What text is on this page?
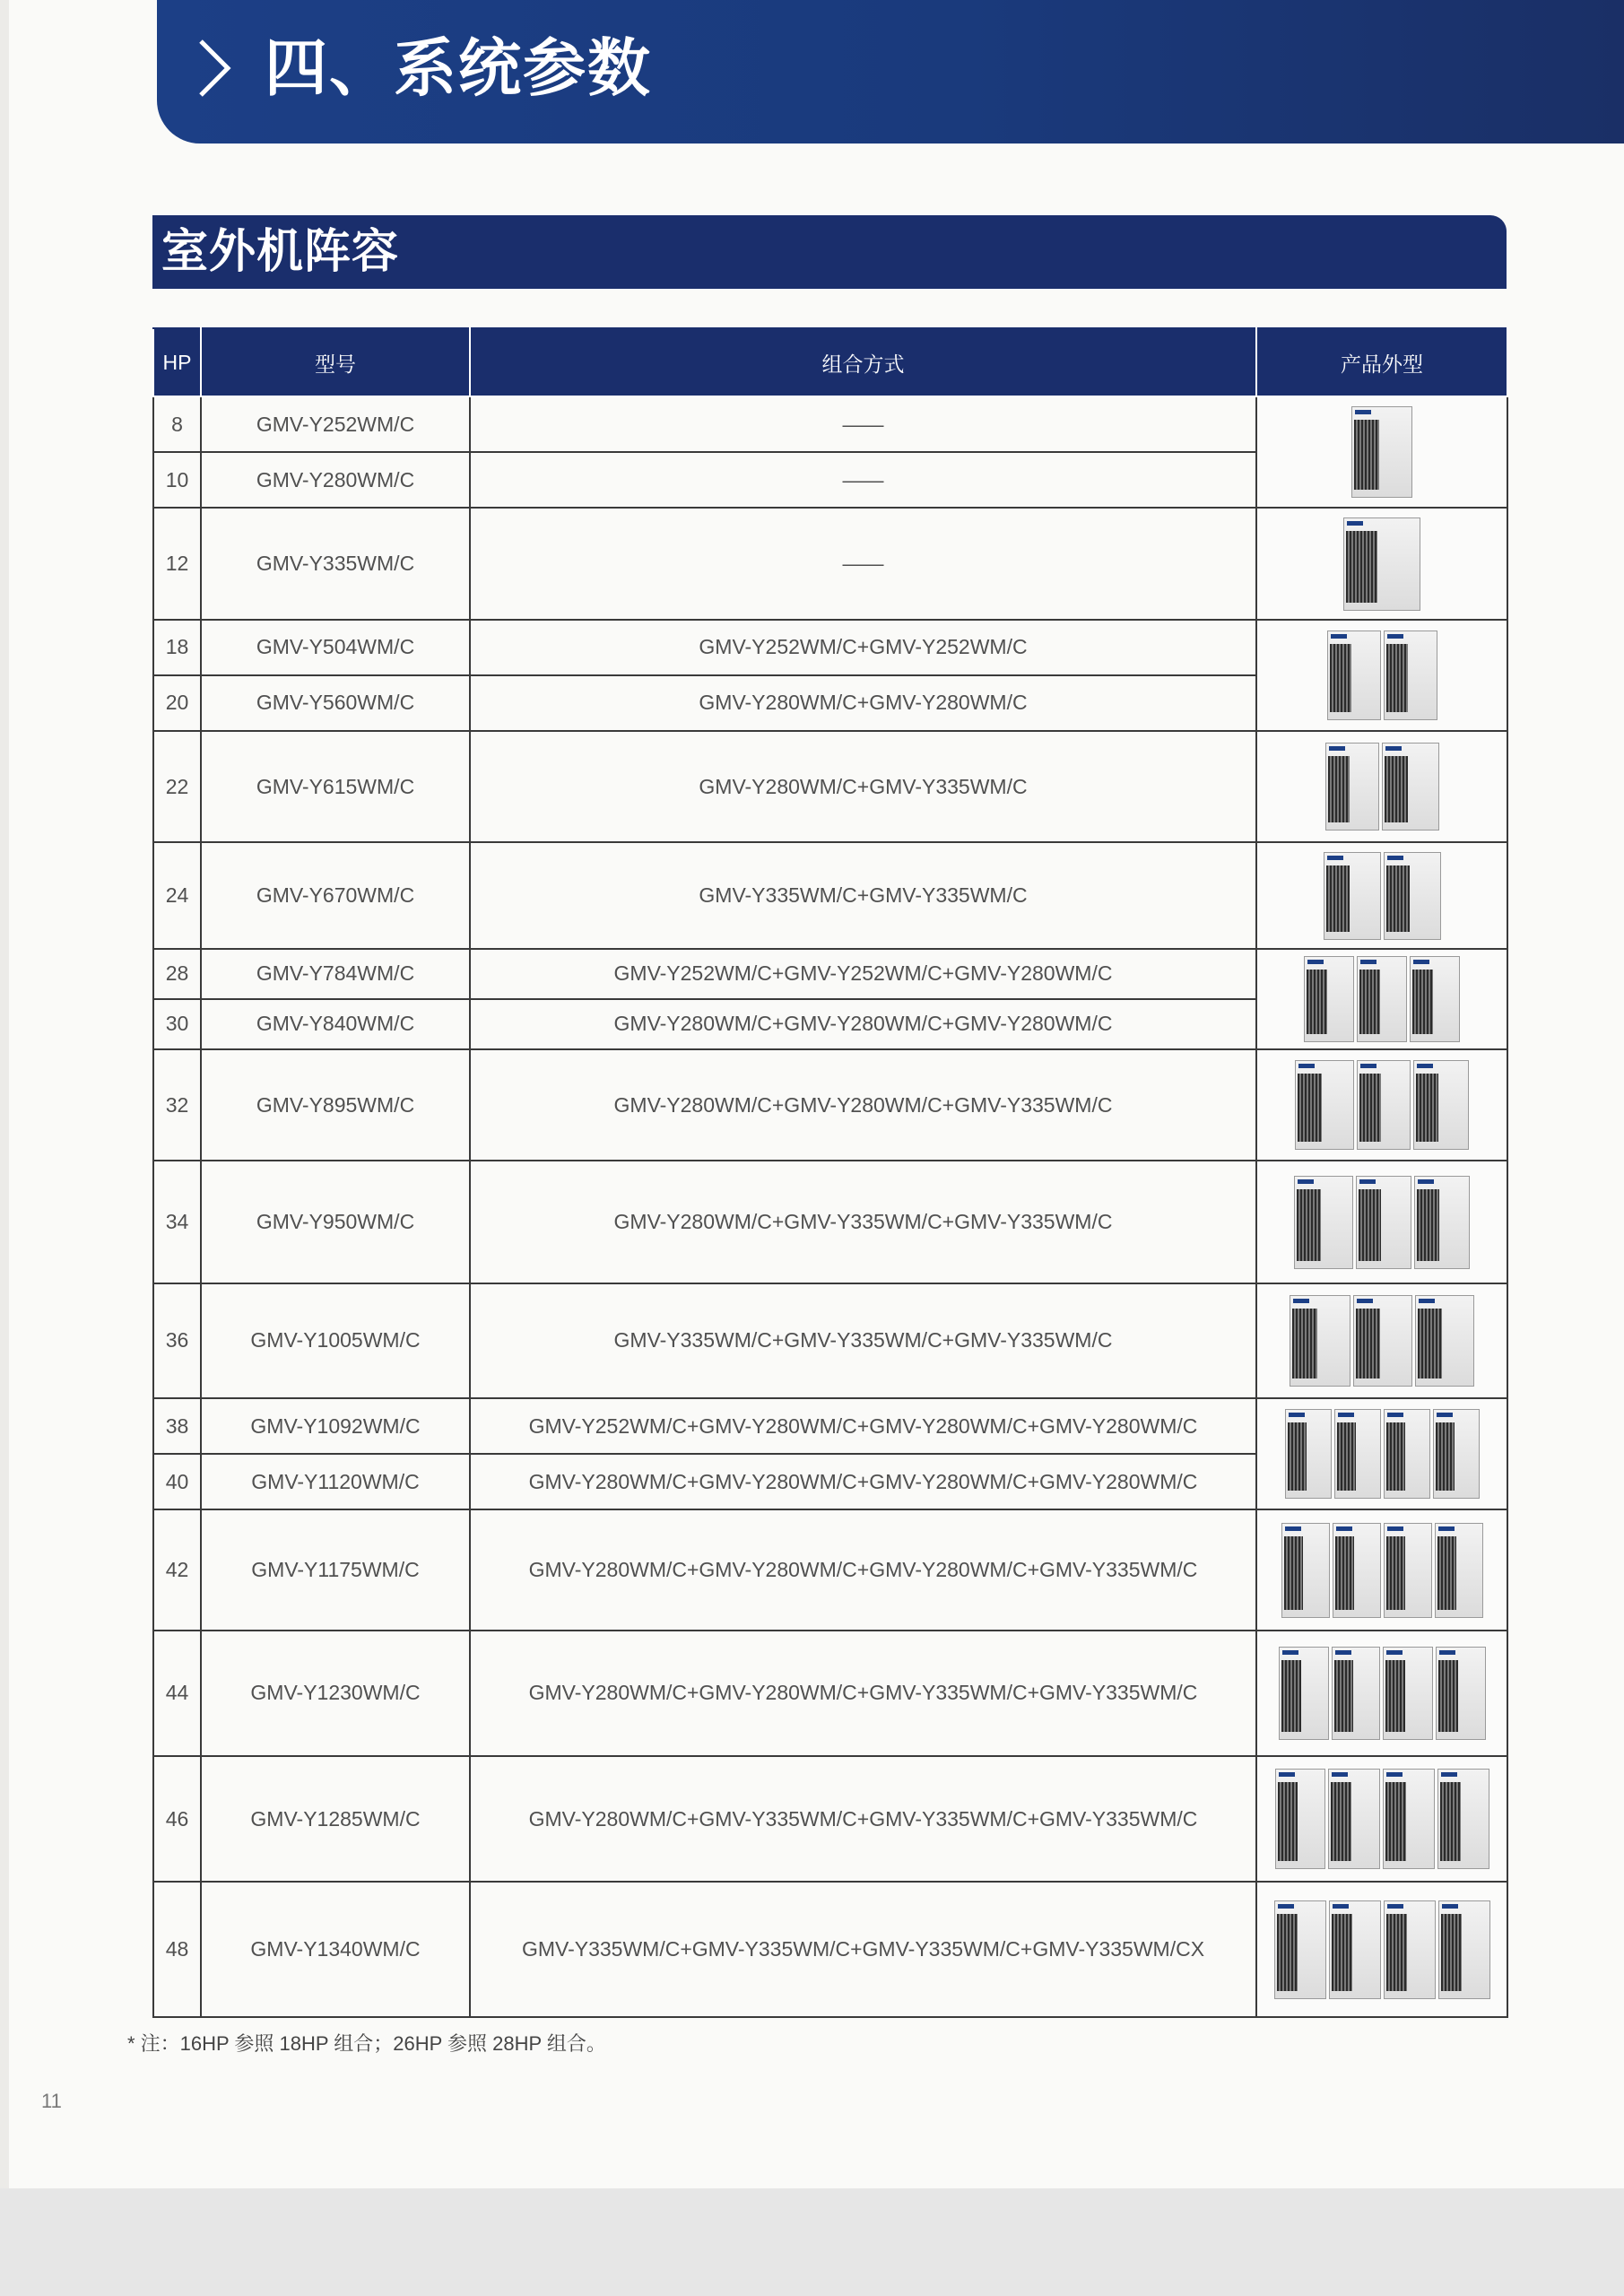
四、系统参数
室外机阵容
HP	型号	组合方式	产品外型
8	GMV-Y252WM/C	——	

10	GMV-Y280WM/C	——	
12	GMV-Y335WM/C	——	

18	GMV-Y504WM/C	GMV-Y252WM/C+GMV-Y252WM/C	

20	GMV-Y560WM/C	GMV-Y280WM/C+GMV-Y280WM/C	
22	GMV-Y615WM/C	GMV-Y280WM/C+GMV-Y335WM/C	

24	GMV-Y670WM/C	GMV-Y335WM/C+GMV-Y335WM/C	

28	GMV-Y784WM/C	GMV-Y252WM/C+GMV-Y252WM/C+GMV-Y280WM/C	

30	GMV-Y840WM/C	GMV-Y280WM/C+GMV-Y280WM/C+GMV-Y280WM/C	
32	GMV-Y895WM/C	GMV-Y280WM/C+GMV-Y280WM/C+GMV-Y335WM/C	

34	GMV-Y950WM/C	GMV-Y280WM/C+GMV-Y335WM/C+GMV-Y335WM/C	

36	GMV-Y1005WM/C	GMV-Y335WM/C+GMV-Y335WM/C+GMV-Y335WM/C	

38	GMV-Y1092WM/C	GMV-Y252WM/C+GMV-Y280WM/C+GMV-Y280WM/C+GMV-Y280WM/C	

40	GMV-Y1120WM/C	GMV-Y280WM/C+GMV-Y280WM/C+GMV-Y280WM/C+GMV-Y280WM/C	
42	GMV-Y1175WM/C	GMV-Y280WM/C+GMV-Y280WM/C+GMV-Y280WM/C+GMV-Y335WM/C	

44	GMV-Y1230WM/C	GMV-Y280WM/C+GMV-Y280WM/C+GMV-Y335WM/C+GMV-Y335WM/C	

46	GMV-Y1285WM/C	GMV-Y280WM/C+GMV-Y335WM/C+GMV-Y335WM/C+GMV-Y335WM/C	

48	GMV-Y1340WM/C	GMV-Y335WM/C+GMV-Y335WM/C+GMV-Y335WM/C+GMV-Y335WM/CX	
* 注：16HP 参照 18HP 组合；26HP 参照 28HP 组合。
11
